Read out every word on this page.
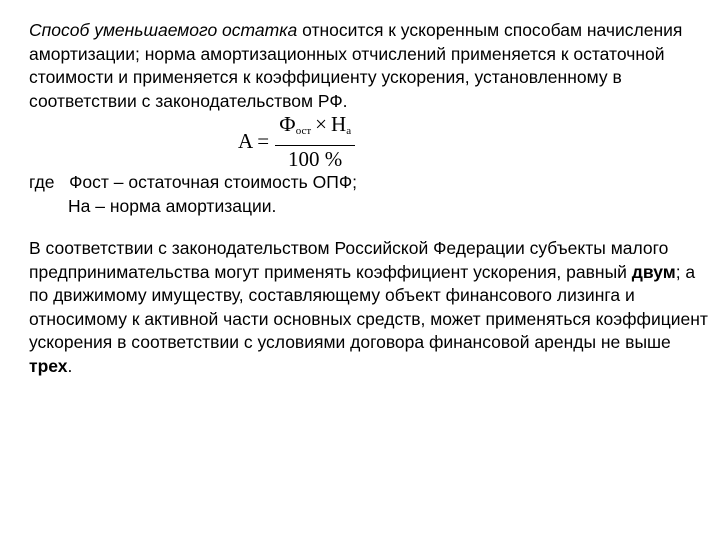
Способ уменьшаемого остатка относится к ускоренным способам начисления амортизации; норма амортизационных отчислений применяется к остаточной стоимости и применяется к коэффициенту ускорения, установленному в соответствии с законодательством РФ.
$A = \frac{Ф_{ост} \times Н_а}{100 \%}$
где   Фост – остаточная стоимость ОПФ;
На – норма амортизации.
В соответствии с законодательством Российской Федерации субъекты малого предпринимательства могут применять коэффициент ускорения, равный двум; а по движимому имуществу, составляющему объект финансового лизинга и относимому к активной части основных средств, может применяться коэффициент ускорения в соответствии с условиями договора финансовой аренды не выше трех.
